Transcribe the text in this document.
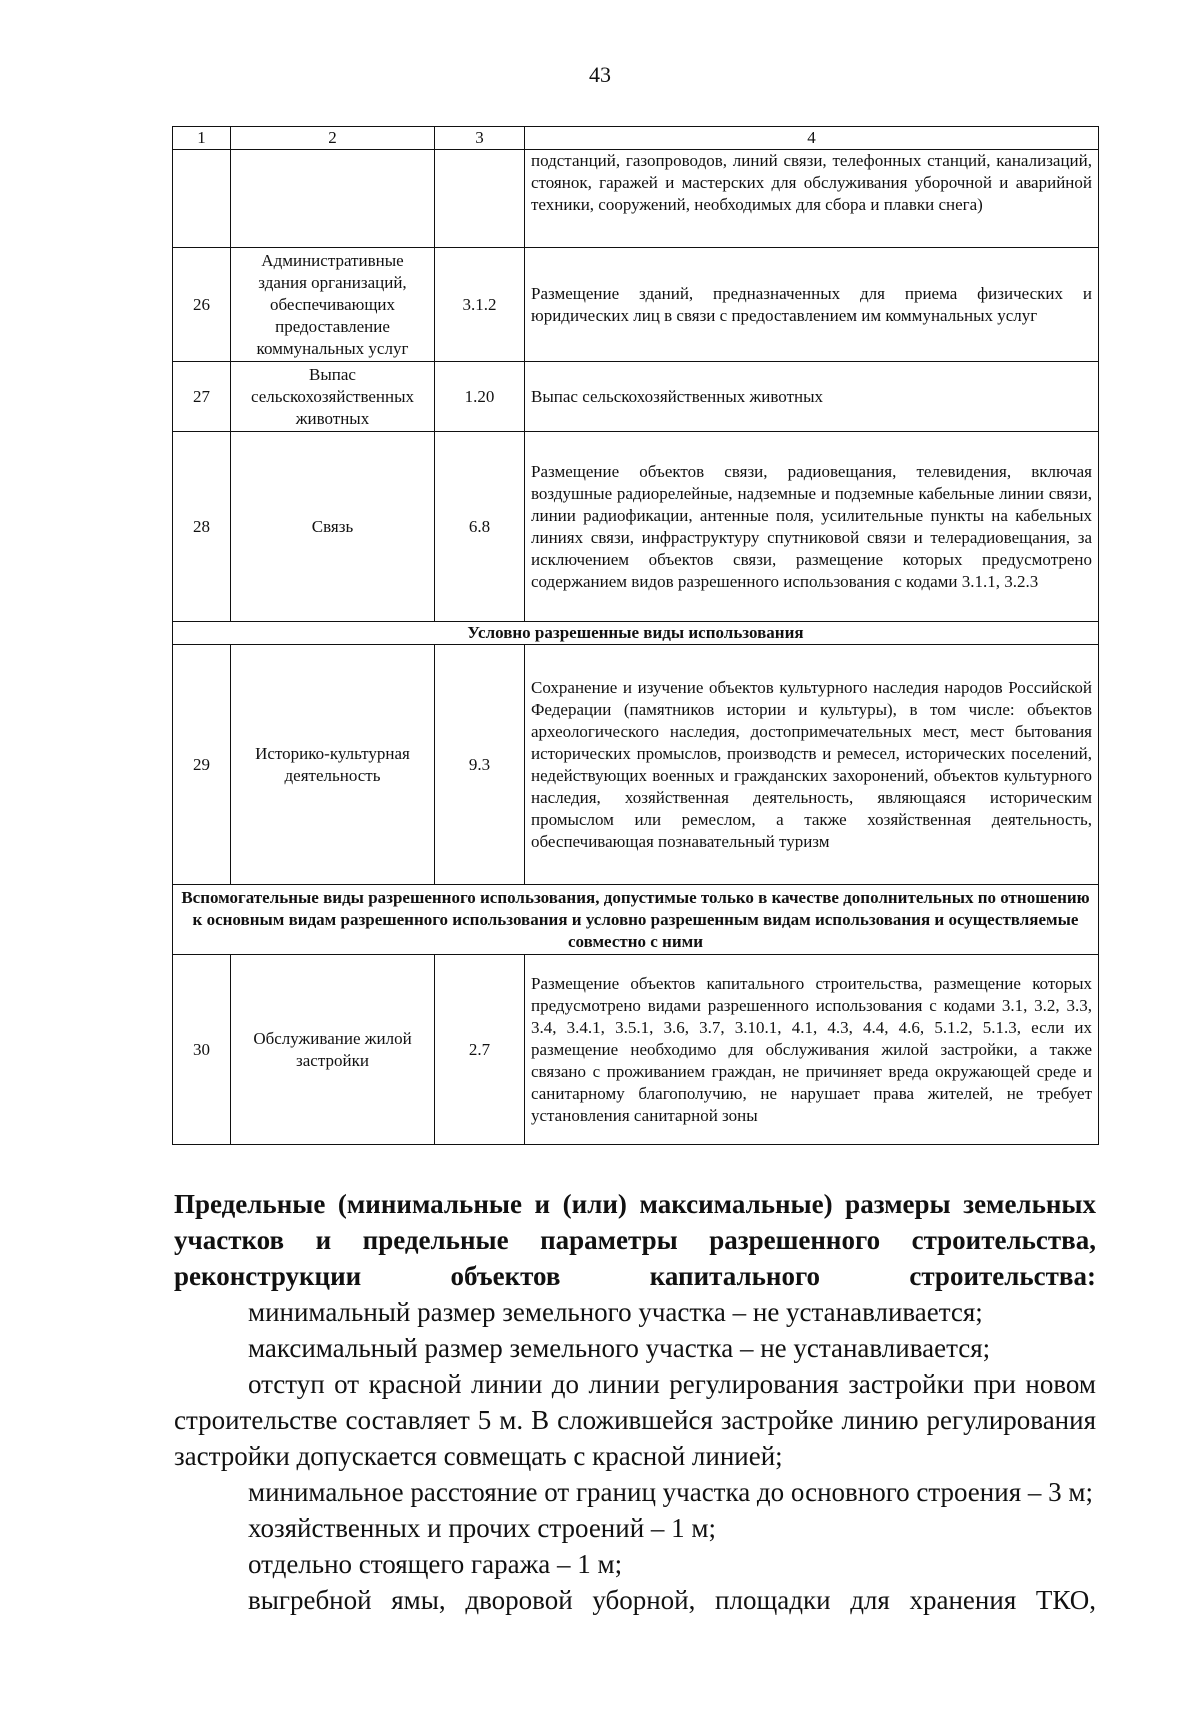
43
1	2	3	4
			подстанций, газопроводов, линий связи, телефонных станций, канализаций, стоянок, гаражей и мастерских для обслуживания уборочной и аварийной техники, сооружений, необходимых для сбора и плавки снега)
26	Административные здания организаций, обеспечивающих предоставление коммунальных услуг	3.1.2	Размещение зданий, предназначенных для приема физических и юридических лиц в связи с предоставлением им коммунальных услуг
27	Выпас сельскохозяйственных животных	1.20	Выпас сельскохозяйственных животных
28	Связь	6.8	Размещение объектов связи, радиовещания, телевидения, включая воздушные радиорелейные, надземные и подземные кабельные линии связи, линии радиофикации, антенные поля, усилительные пункты на кабельных линиях связи, инфраструктуру спутниковой связи и телерадиовещания, за исключением объектов связи, размещение которых предусмотрено содержанием видов разрешенного использования с кодами 3.1.1, 3.2.3
Условно разрешенные виды использования			
29	Историко-культурная деятельность	9.3	Сохранение и изучение объектов культурного наследия народов Российской Федерации (памятников истории и культуры), в том числе: объектов археологического наследия, достопримечательных мест, мест бытования исторических промыслов, производств и ремесел, исторических поселений, недействующих военных и гражданских захоронений, объектов культурного наследия, хозяйственная деятельность, являющаяся историческим промыслом или ремеслом, а также хозяйственная деятельность, обеспечивающая познавательный туризм
Вспомогательные виды разрешенного использования, допустимые только в качестве дополнительных по отношению к основным видам разрешенного использования и условно разрешенным видам использования и осуществляемые совместно с ними			
30	Обслуживание жилой застройки	2.7	Размещение объектов капитального строительства, размещение которых предусмотрено видами разрешенного использования с кодами 3.1, 3.2, 3.3, 3.4, 3.4.1, 3.5.1, 3.6, 3.7, 3.10.1, 4.1, 4.3, 4.4, 4.6, 5.1.2, 5.1.3, если их размещение необходимо для обслуживания жилой застройки, а также связано с проживанием граждан, не причиняет вреда окружающей среде и санитарному благополучию, не нарушает права жителей, не требует установления санитарной зоны

Предельные (минимальные и (или) максимальные) размеры земельных участков и предельные параметры разрешенного строительства, реконструкции объектов капитального строительства:

минимальный размер земельного участка – не устанавливается;

максимальный размер земельного участка – не устанавливается;

отступ от красной линии до линии регулирования застройки при новом строительстве составляет 5 м. В сложившейся застройке линию регулирования застройки допускается совмещать с красной линией;

минимальное расстояние от границ участка до основного строения – 3 м;

хозяйственных и прочих строений – 1 м;

отдельно стоящего гаража – 1 м;

выгребной ямы, дворовой уборной, площадки для хранения ТКО,
